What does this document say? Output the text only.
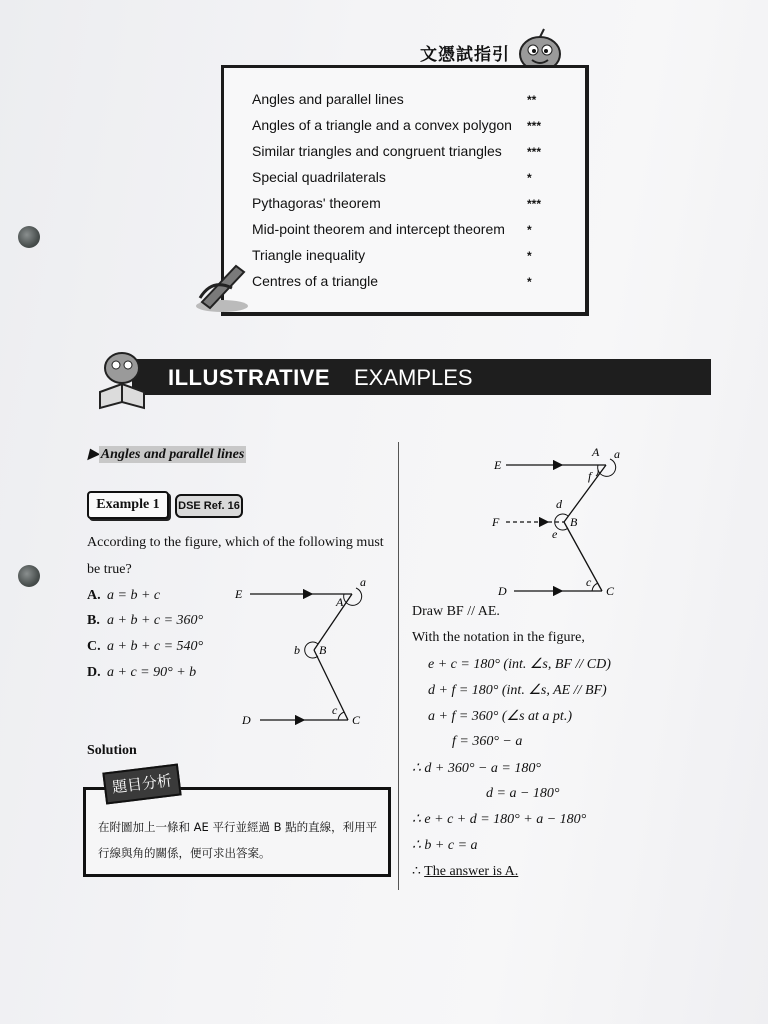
文憑試指引
Angles and parallel lines	**
Angles of a triangle and a convex polygon ***
Similar triangles and congruent triangles ***
Special quadrilaterals	*
Pythagoras' theorem	***
Mid-point theorem and intercept theorem *
Triangle inequality	*
Centres of a triangle	*
ILLUSTRATIVE EXAMPLES
▶ Angles and parallel lines
Example 1	DSE Ref. 16
According to the figure, which of the following must
be true?
A. a = b + c
B. a + b + c = 360°
C. a + b + c = 540°
D. a + c = 90° + b
E
A
a
b B
c
C
D
Solution
在附圖加上一條和 AE 平行並經過 B 點的直線，利用平行線與角的關係，便可求出答案。
題目分析
E
A a
f
d
F
e
B
c
C
D
Draw BF // AE.
With the notation in the figure,
e + c = 180° (int. ∠s, BF // CD)
d + f = 180° (int. ∠s, AE // BF)
a + f = 360° (∠s at a pt.)
f = 360° − a
∴ d + 360° − a = 180°
d = a − 180°
∴ e + c + d = 180° + a − 180°
∴ b + c = a
∴ The answer is A.
